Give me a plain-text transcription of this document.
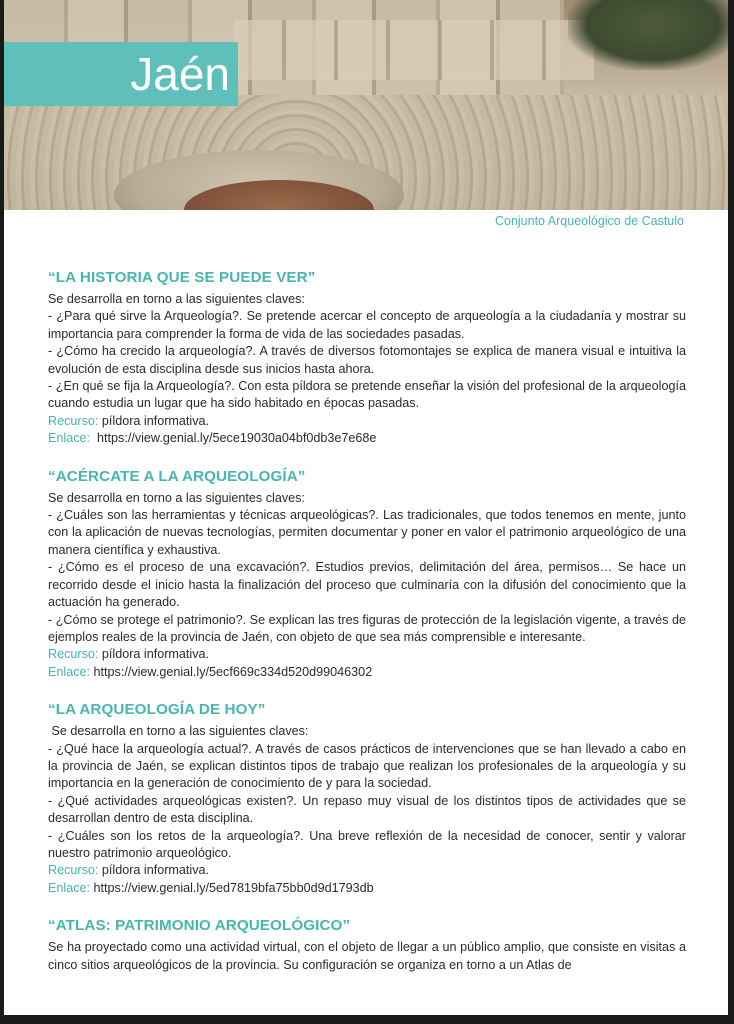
Jaén
Conjunto Arqueológico de Castulo
“LA HISTORIA QUE SE PUEDE VER”

Se desarrolla en torno a las siguientes claves:

- ¿Para qué sirve la Arqueología?. Se pretende acercar el concepto de arqueología a la ciudadanía y mostrar su importancia para comprender la forma de vida de las sociedades pasadas.

- ¿Cómo ha crecido la arqueología?. A través de diversos fotomontajes se explica de manera visual e intuitiva la evolución de esta disciplina desde sus inicios hasta ahora.

- ¿En qué se fija la Arqueología?. Con esta píldora se pretende enseñar la visión del profesional de la arqueología cuando estudia un lugar que ha sido habitado en épocas pasadas.

Recurso: píldora informativa.

Enlace: https://view.genial.ly/5ece19030a04bf0db3e7e68e

“ACÉRCATE A LA ARQUEOLOGÍA”

Se desarrolla en torno a las siguientes claves:

- ¿Cuáles son las herramientas y técnicas arqueológicas?. Las tradicionales, que todos tenemos en mente, junto con la aplicación de nuevas tecnologías, permiten documentar y poner en valor el patrimonio arqueológico de una manera científica y exhaustiva.

- ¿Cómo es el proceso de una excavación?. Estudios previos, delimitación del área, permisos… Se hace un recorrido desde el inicio hasta la finalización del proceso que culminaría con la difusión del conocimiento que la actuación ha generado.

- ¿Cómo se protege el patrimonio?. Se explican las tres figuras de protección de la legislación vigente, a través de ejemplos reales de la provincia de Jaén, con objeto de que sea más comprensible e interesante.

Recurso: píldora informativa.

Enlace: https://view.genial.ly/5ecf669c334d520d99046302

“LA ARQUEOLOGÍA DE HOY”

Se desarrolla en torno a las siguientes claves:

- ¿Qué hace la arqueología actual?. A través de casos prácticos de intervenciones que se han llevado a cabo en la provincia de Jaén, se explican distintos tipos de trabajo que realizan los profesionales de la arqueología y su importancia en la generación de conocimiento de y para la sociedad.

- ¿Qué actividades arqueológicas existen?. Un repaso muy visual de los distintos tipos de actividades que se desarrollan dentro de esta disciplina.

- ¿Cuáles son los retos de la arqueología?. Una breve reflexión de la necesidad de conocer, sentir y valorar nuestro patrimonio arqueológico.

Recurso: píldora informativa.

Enlace: https://view.genial.ly/5ed7819bfa75bb0d9d1793db

“ATLAS: PATRIMONIO ARQUEOLÓGICO”

Se ha proyectado como una actividad virtual, con el objeto de llegar a un público amplio, que consiste en visitas a cinco sitios arqueológicos de la provincia. Su configuración se organiza en torno a un Atlas de
